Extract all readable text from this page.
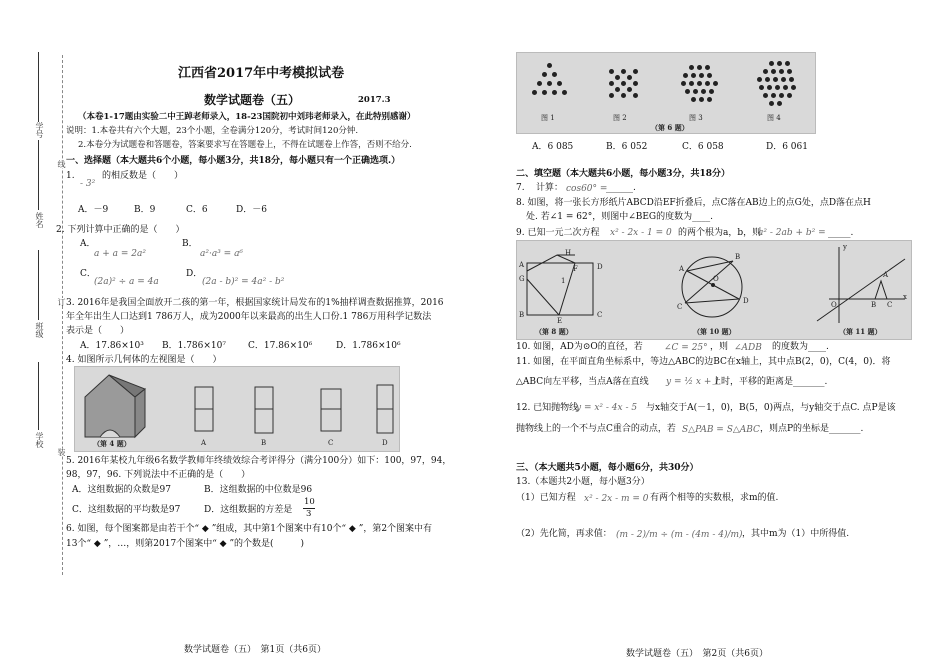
学号
姓名
班级
学校
线
订
装
江西省2017年中考模拟试卷
数学试题卷（五）	2017.3
（本卷1-17题由实验二中王踔老师录入，18-23国院初中刘玮老师录入，在此特别感谢）
说明：1.本卷共有六个大题，23个小题，全卷满分120分，考试时间120分钟.
2.本卷分为试题卷和答题卷，答案要求写在答题卷上，不得在试题卷上作答，否则不给分.
一、选择题（本大题共6个小题，每小题3分，共18分，每小题只有一个正确选项.）
1.
- 3²
的相反数是（　　）
A．－9	B．9	C．6	D．－6
2. 下列计算中正确的是（　　）
A．
a + a = 2a²
B．
a²·a³ = a⁶
C．
(2a)² ÷ a = 4a
D．
(2a - b)² = 4a² - b²
3. 2016年是我国全面放开二孩的第一年，根据国家统计局发布的1%抽样调查数据推算，2016
年全年出生人口达到1 786万人，成为2000年以来最高的出生人口份.1 786万用科学记数法
表示是（　　）
A．17.86×10³ B．1.786×10⁷ C．17.86×10⁶	D．1.786×10⁶
4. 如图所示几何体的左视图是（　　）
（第 4 题）	A	B	C	D
5. 2016年某校九年级6名数学教师年终绩效综合考评得分（满分100分）如下：100，97，94，
98，97，96. 下列说法中不正确的是（　　）
A．这组数据的众数是97	B．这组数据的中位数是96
C．这组数据的平均数是97	D．这组数据的方差是
10
3
6. 如图，每个图案都是由若干个“ ◆ ”组成，其中第1个图案中有10个“ ◆ ”，第2个图案中有
13个“ ◆ ”，…，则第2017个图案中“ ◆ ”的个数是(　　　)
数学试题卷（五）　第1页（共6页）
图 1	图 2	图 3	图 4
（第 6 题）
A．6 085	B．6 052	C．6 058	D．6 061
二、填空题（本大题共6小题，每小题3分，共18分）
7. 计算： cos60° =
______.
8. 如图，将一张长方形纸片ABCD沿EF折叠后，点C落在AB边上的点G处，点D落在点H
处. 若∠1 = 62°，则图中∠BEG的度数为____.
9. 已知一元二次方程 x² - 2x - 1 = 0 的两个根为a，b，则
a² - 2ab + b² = _____.
H
A	F	D
G	1
B
E
C
（第 8 题）
A
B
O
C
D
（第 10 题）
y
A
O	B C
x
（第 11 题）
10. 如图，AD为⊙O的直径，若 ∠C = 25° ，则 ∠ADB 的度数为____.
11. 如图，在平面直角坐标系中，等边△ABC的边BC在x轴上，其中点B(2，0)，C(4，0)．将
△ABC向左平移，当点A落在直线 y = ½ x + 1
上时，平移的距离是_______.
12. 已知抛物线
y = x² - 4x - 5 与x轴交于A(－1，0)，B(5，0)两点，与y轴交于点C. 点P是该
抛物线上的一个不与点C重合的动点，若 S△PAB = S△ABC ，则点P的坐标是_______.
三、（本大题共5小题，每小题6分，共30分）
13.（本题共2小题，每小题3分）
（1）已知方程 x² - 2x - m = 0 有两个相等的实数根，求m的值.
（2）先化简，再求值： (m - 2)/m ÷ (m - (4m - 4)/m) ，其中m为（1）中所得值.
数学试题卷（五）　第2页（共6页）
